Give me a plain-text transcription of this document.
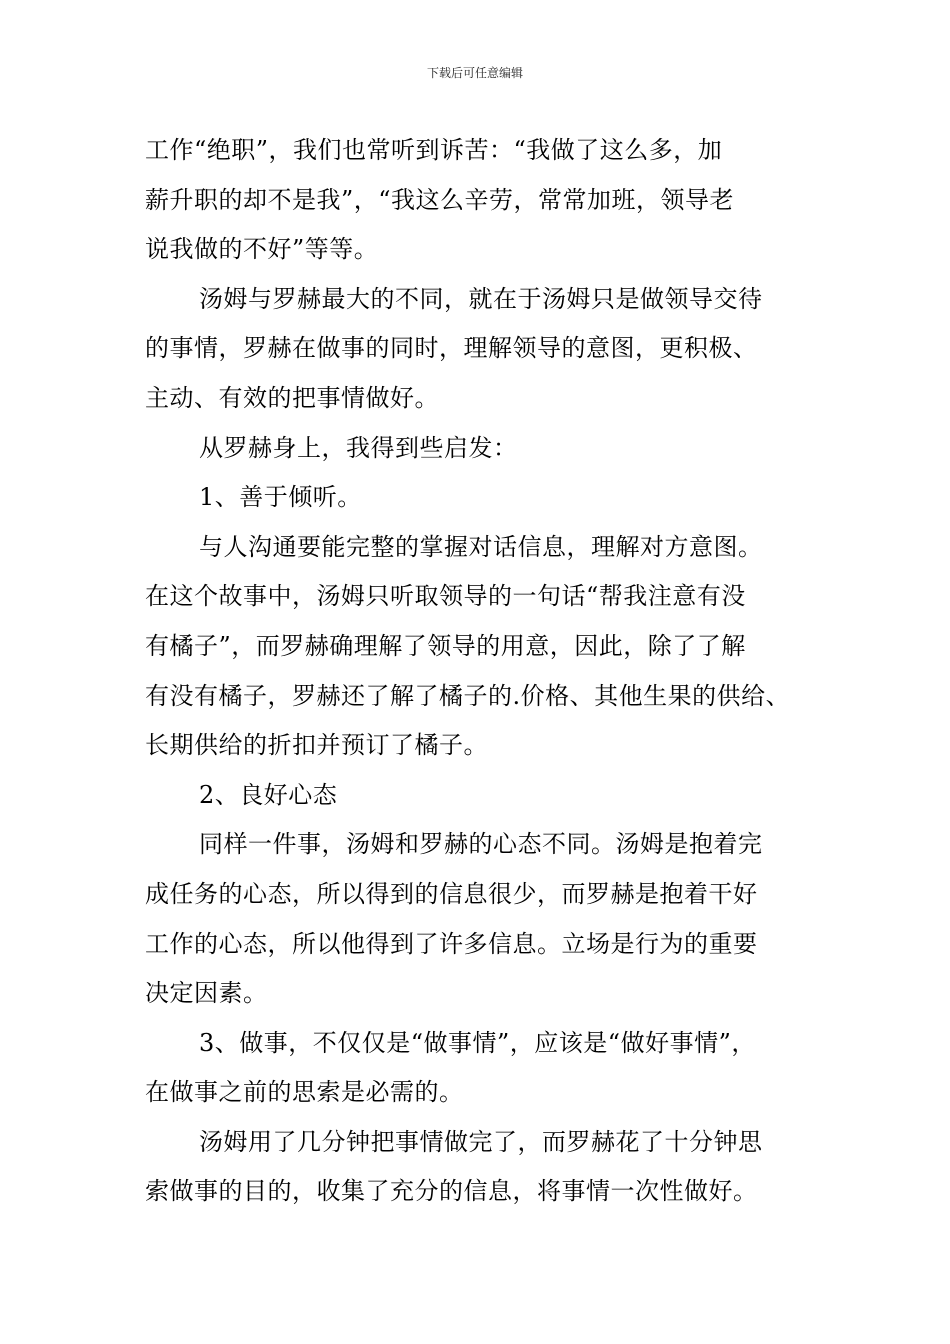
下载后可任意编辑
工作“绝职”，我们也常听到诉苦：“我做了这么多，加
薪升职的却不是我”，“我这么辛劳，常常加班，领导老
说我做的不好”等等。
汤姆与罗赫最大的不同，就在于汤姆只是做领导交待
的事情，罗赫在做事的同时，理解领导的意图，更积极、
主动、有效的把事情做好。
从罗赫身上，我得到些启发：
1、善于倾听。
与人沟通要能完整的掌握对话信息，理解对方意图。
在这个故事中，汤姆只听取领导的一句话“帮我注意有没
有橘子”，而罗赫确理解了领导的用意，因此，除了了解
有没有橘子，罗赫还了解了橘子的.价格、其他生果的供给、
长期供给的折扣并预订了橘子。
2、良好心态
同样一件事，汤姆和罗赫的心态不同。汤姆是抱着完
成任务的心态，所以得到的信息很少，而罗赫是抱着干好
工作的心态，所以他得到了许多信息。立场是行为的重要
决定因素。
3、做事，不仅仅是“做事情”，应该是“做好事情”，
在做事之前的思索是必需的。
汤姆用了几分钟把事情做完了，而罗赫花了十分钟思
索做事的目的，收集了充分的信息，将事情一次性做好。
